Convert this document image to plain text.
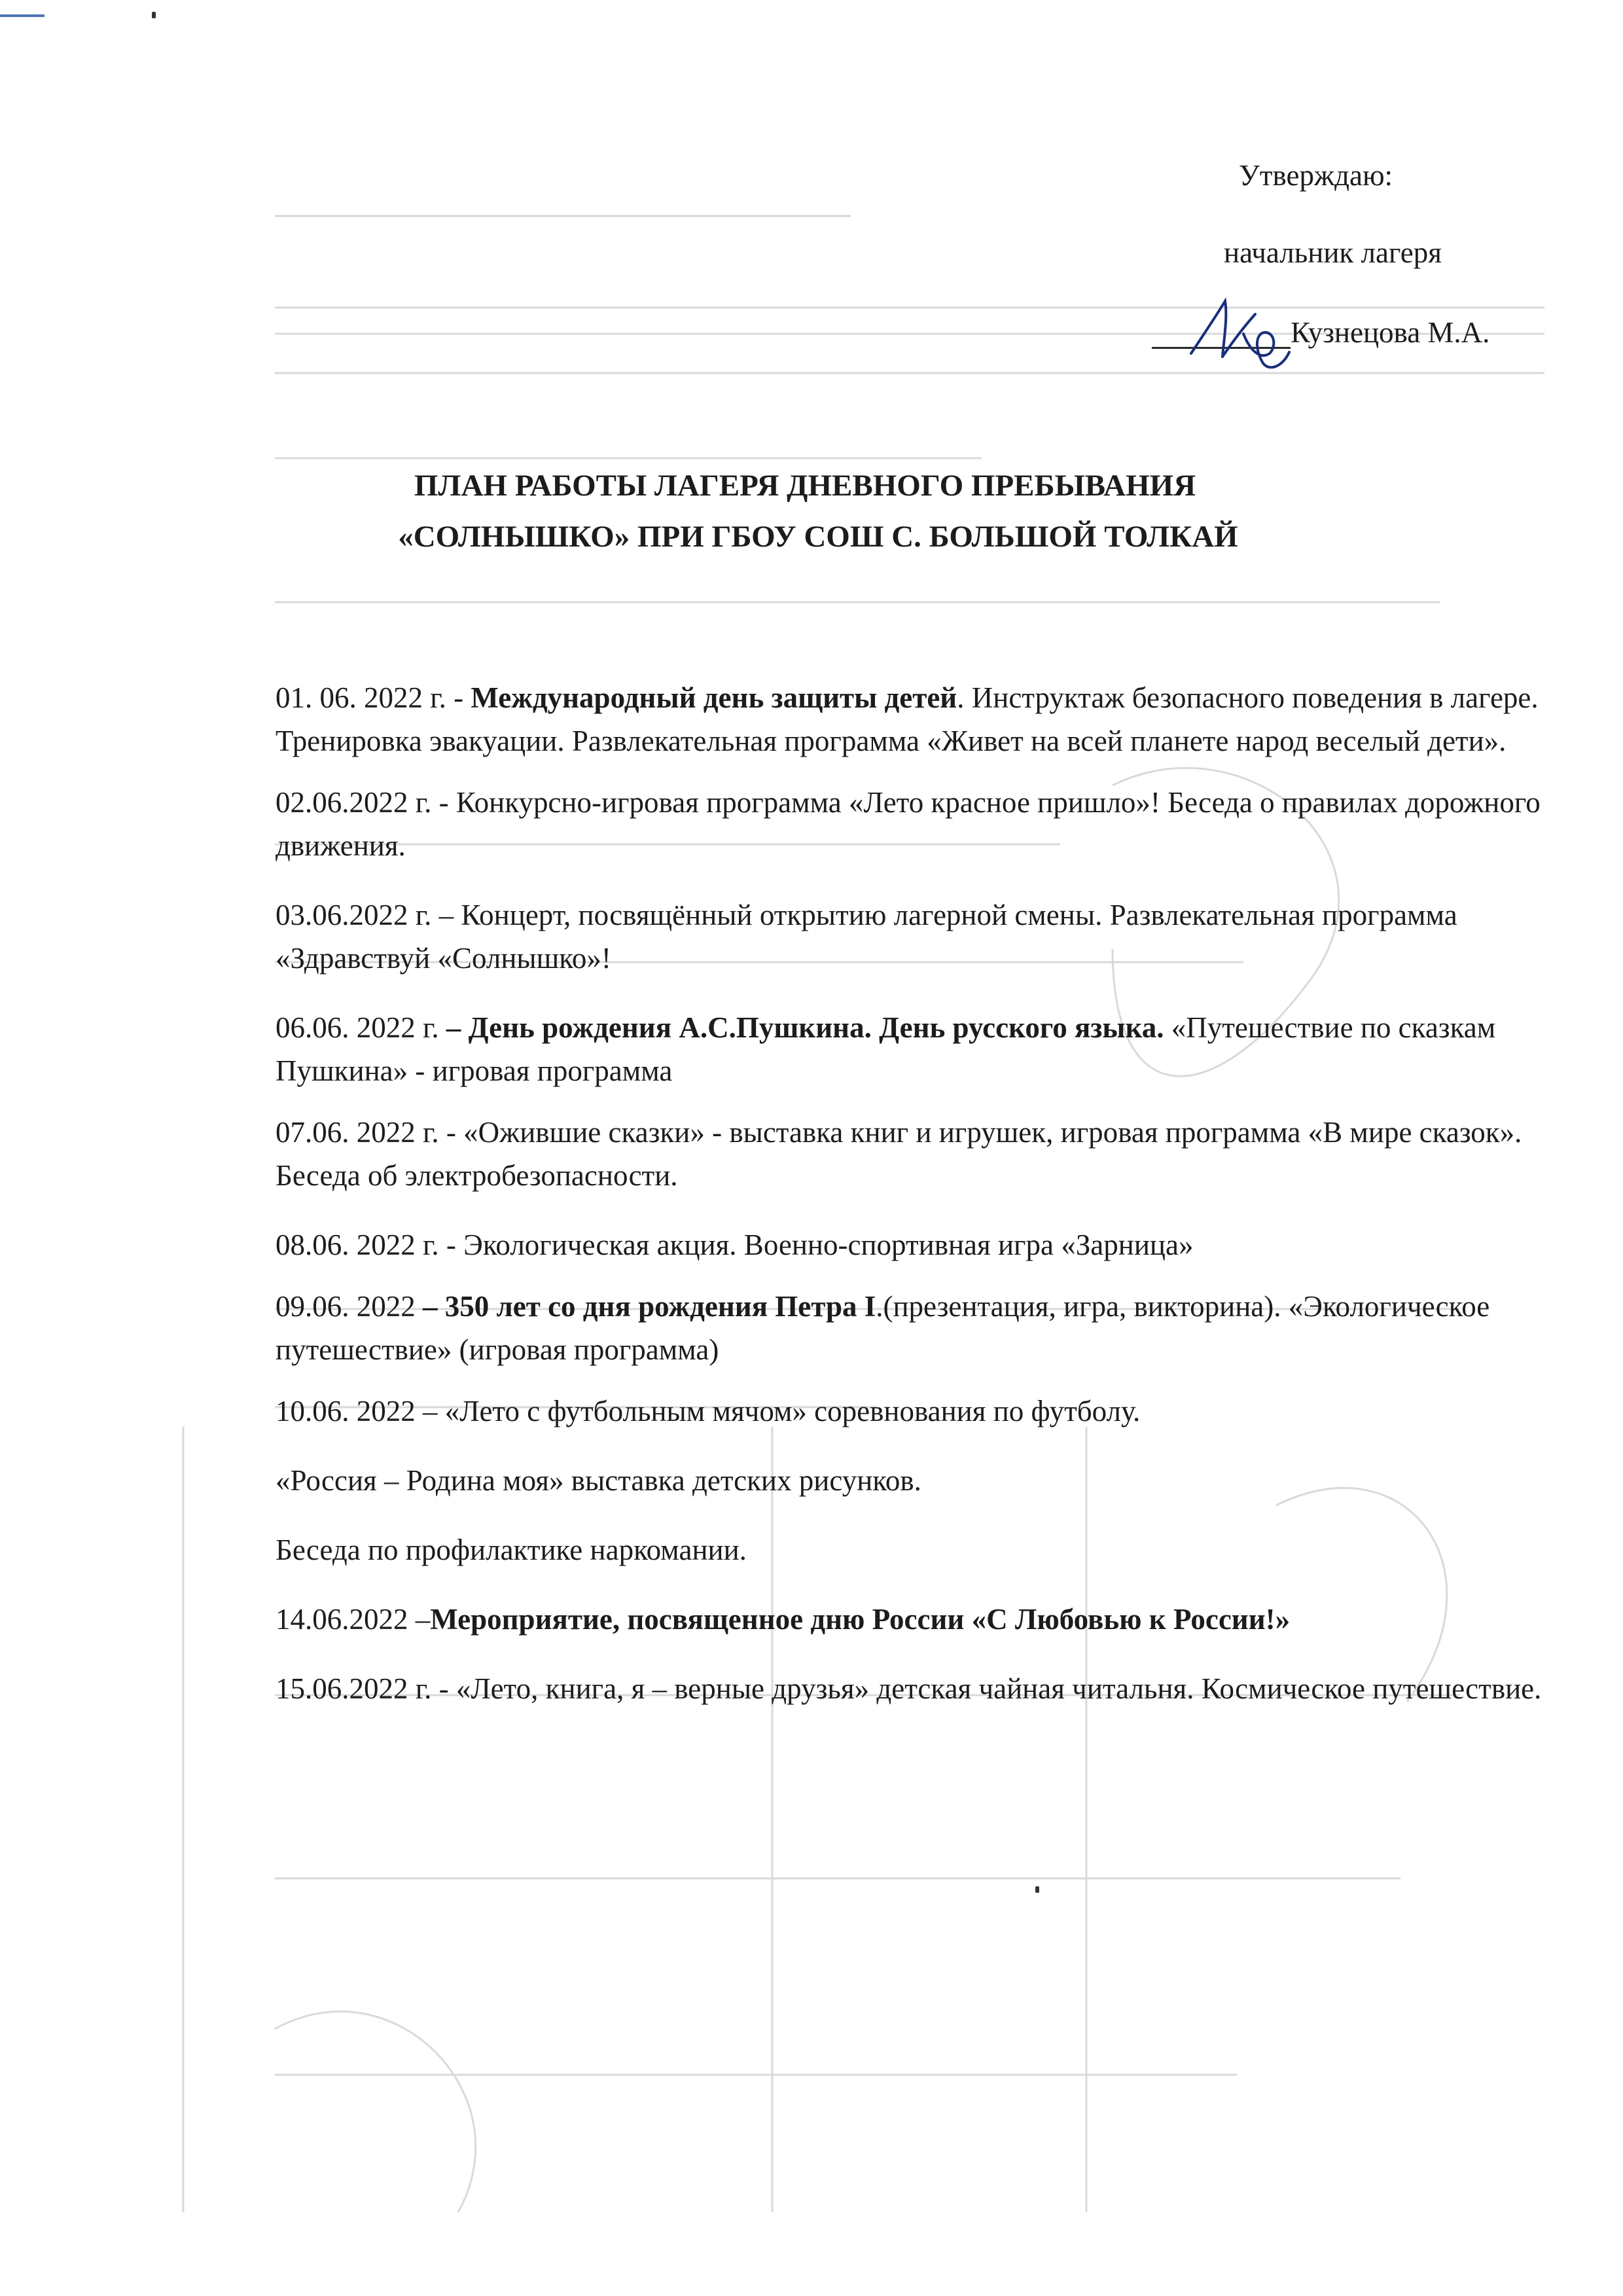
Утверждаю:
начальник лагеря
Кузнецова М.А.
ПЛАН РАБОТЫ ЛАГЕРЯ ДНЕВНОГО ПРЕБЫВАНИЯ
«СОЛНЫШКО» ПРИ ГБОУ СОШ С. БОЛЬШОЙ ТОЛКАЙ

01. 06. 2022 г. - Международный день защиты детей. Инструктаж безопасного поведения в лагере. Тренировка эвакуации. Развлекательная программа «Живет на всей планете народ веселый дети».

02.06.2022 г. - Конкурсно-игровая программа «Лето красное пришло»! Беседа о правилах дорожного движения.

03.06.2022 г. – Концерт, посвящённый открытию лагерной смены. Развлекательная программа «Здравствуй «Солнышко»!

06.06. 2022 г. – День рождения А.С.Пушкина. День русского языка. «Путешествие по сказкам Пушкина» - игровая программа

07.06. 2022 г. - «Ожившие сказки» - выставка книг и игрушек, игровая программа «В мире сказок». Беседа об электробезопасности.

08.06. 2022 г. - Экологическая акция. Военно-спортивная игра «Зарница»

09.06. 2022 – 350 лет со дня рождения Петра I.(презентация, игра, викторина). «Экологическое путешествие» (игровая программа)

10.06. 2022 – «Лето с футбольным мячом» соревнования по футболу.

«Россия – Родина моя» выставка детских рисунков.

Беседа по профилактике наркомании.

14.06.2022 –Мероприятие, посвященное дню России «С Любовью к России!»

15.06.2022 г. - «Лето, книга, я – верные друзья» детская чайная читальня. Космическое путешествие.
